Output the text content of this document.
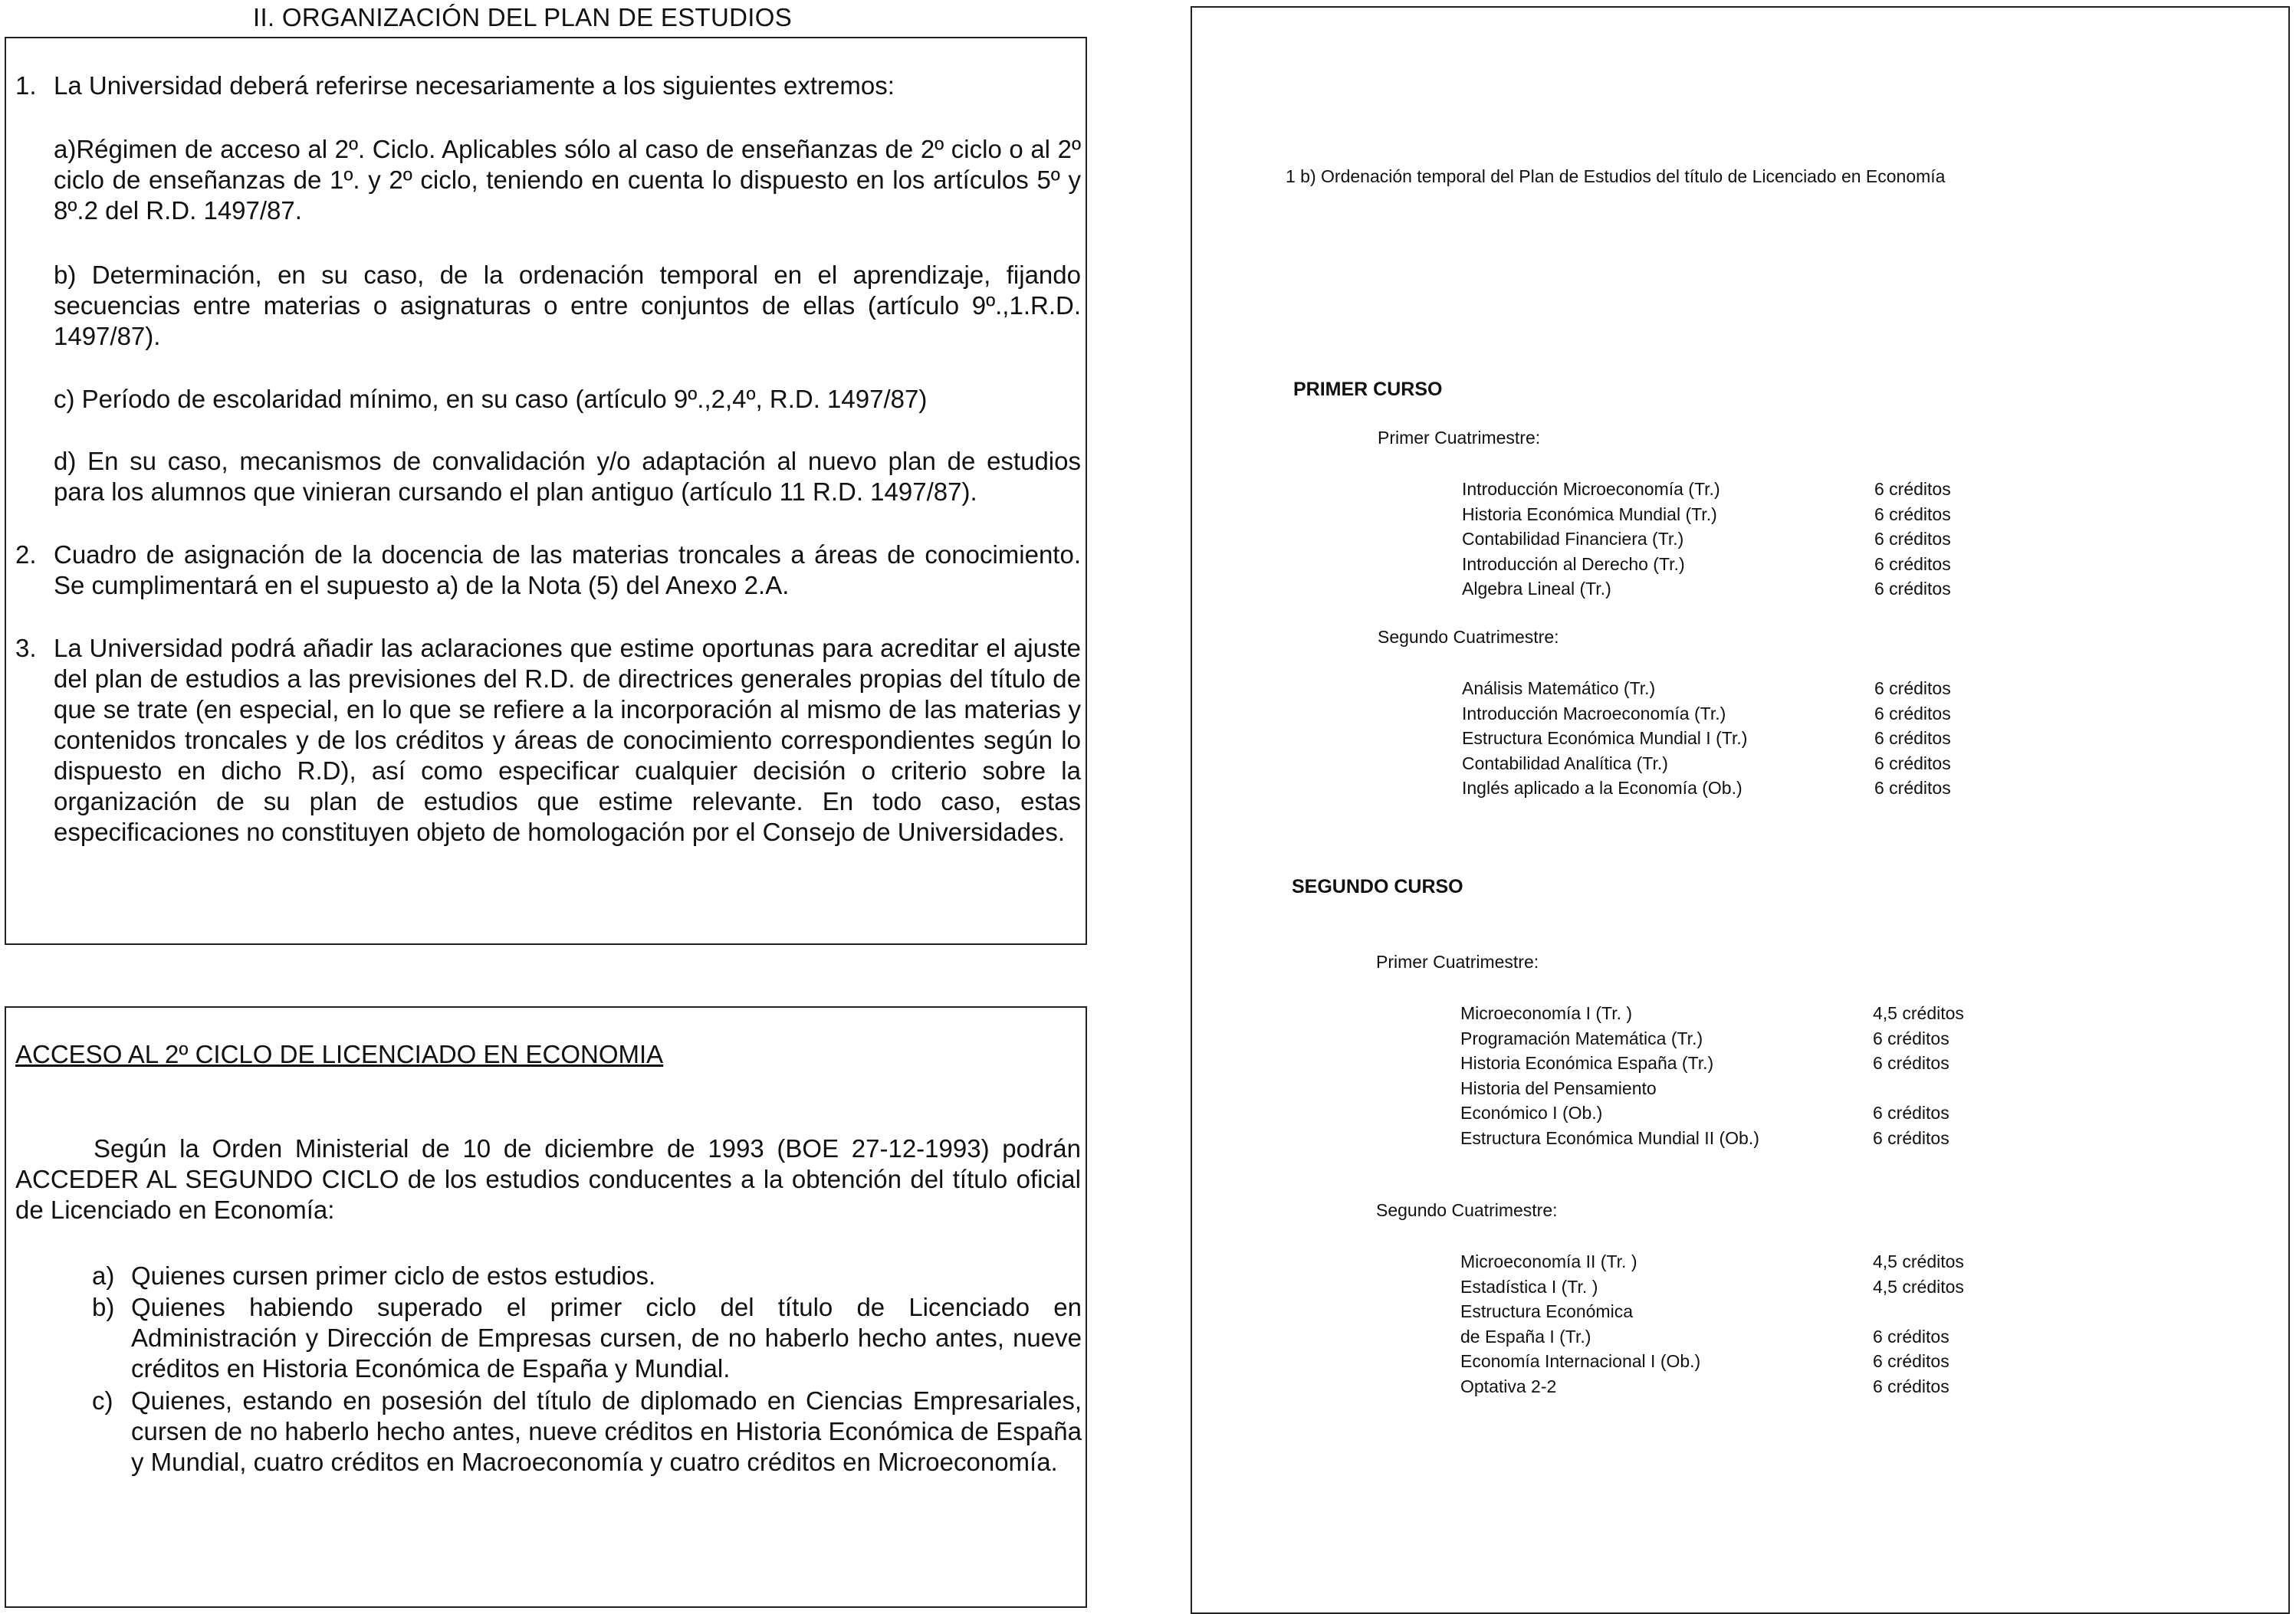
II. ORGANIZACIÓN DEL PLAN DE ESTUDIOS
1. La Universidad deberá referirse necesariamente a los siguientes extremos:
a)Régimen de acceso al 2º. Ciclo. Aplicables sólo al caso de enseñanzas de 2º ciclo o al 2º ciclo de enseñanzas de 1º. y 2º ciclo, teniendo en cuenta lo dispuesto en los artículos 5º y 8º.2 del R.D. 1497/87.
b) Determinación, en su caso, de la ordenación temporal en el aprendizaje, fijando secuencias entre materias o asignaturas o entre conjuntos de ellas (artículo 9º.,1.R.D. 1497/87).
c) Período de escolaridad mínimo, en su caso (artículo 9º.,2,4º, R.D. 1497/87)
d) En su caso, mecanismos de convalidación y/o adaptación al nuevo plan de estudios para los alumnos que vinieran cursando el plan antiguo (artículo 11 R.D. 1497/87).
2. Cuadro de asignación de la docencia de las materias troncales a áreas de conocimiento. Se cumplimentará en el supuesto a) de la Nota (5) del Anexo 2.A.
3. La Universidad podrá añadir las aclaraciones que estime oportunas para acreditar el ajuste del plan de estudios a las previsiones del R.D. de directrices generales propias del título de que se trate (en especial, en lo que se refiere a la incorporación al mismo de las materias y contenidos troncales y de los créditos y áreas de conocimiento correspondientes según lo dispuesto en dicho R.D), así como especificar cualquier decisión o criterio sobre la organización de su plan de estudios que estime relevante. En todo caso, estas especificaciones no constituyen objeto de homologación por el Consejo de Universidades.
ACCESO AL 2º CICLO DE LICENCIADO EN ECONOMIA
Según la Orden Ministerial de 10 de diciembre de 1993 (BOE 27-12-1993) podrán ACCEDER AL SEGUNDO CICLO de los estudios conducentes a la obtención del título oficial de Licenciado en Economía:
a) Quienes cursen primer ciclo de estos estudios.
b) Quienes habiendo superado el primer ciclo del título de Licenciado en Administración y Dirección de Empresas cursen, de no haberlo hecho antes, nueve créditos en Historia Económica de España y Mundial.
c) Quienes, estando en posesión del título de diplomado en Ciencias Empresariales, cursen de no haberlo hecho antes, nueve créditos en Historia Económica de España y Mundial, cuatro créditos en Macroeconomía y cuatro créditos en Microeconomía.
1 b) Ordenación temporal del Plan de Estudios del título de Licenciado en Economía
PRIMER CURSO
Primer Cuatrimestre:
Introducción Microeconomía (Tr.)	6 créditos
Historia Económica Mundial (Tr.)	6 créditos
Contabilidad Financiera (Tr.)	6 créditos
Introducción al Derecho (Tr.)	6 créditos
Algebra Lineal (Tr.)	6 créditos
Segundo Cuatrimestre:
Análisis Matemático (Tr.)	6 créditos
Introducción Macroeconomía (Tr.)	6 créditos
Estructura Económica Mundial I (Tr.)	6 créditos
Contabilidad Analítica (Tr.)	6 créditos
Inglés aplicado a la Economía (Ob.)	6 créditos
SEGUNDO CURSO
Primer Cuatrimestre:
Microeconomía I (Tr. )	4,5 créditos
Programación Matemática (Tr.)	6 créditos
Historia Económica España (Tr.)	6 créditos
Historia del Pensamiento
Económico I (Ob.)	6 créditos
Estructura Económica Mundial II (Ob.)	6 créditos
Segundo Cuatrimestre:
Microeconomía II (Tr. )	4,5 créditos
Estadística I (Tr. )	4,5 créditos
Estructura Económica
de España I (Tr.)	6 créditos
Economía Internacional I (Ob.)	6 créditos
Optativa 2-2	6 créditos
